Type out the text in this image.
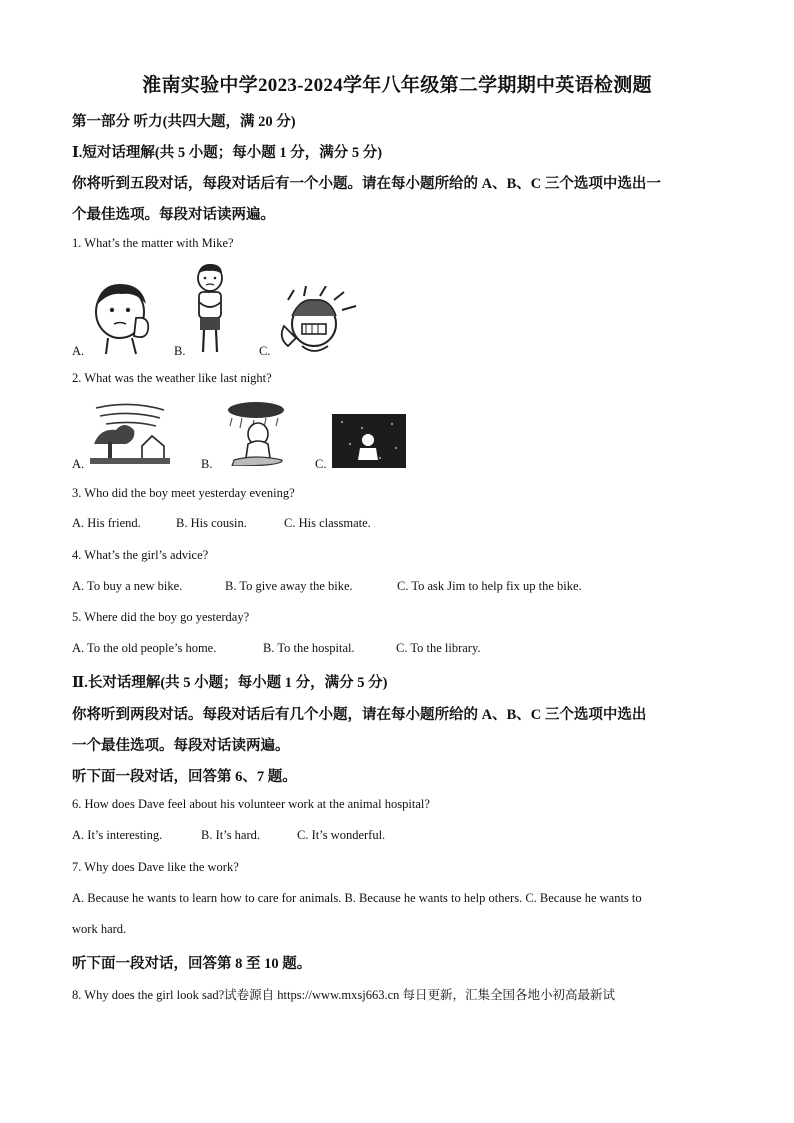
淮南实验中学2023-2024学年八年级第二学期期中英语检测题
第一部分 听力(共四大题，满 20 分)
Ⅰ.短对话理解(共 5 小题；每小题 1 分，满分 5 分)
你将听到五段对话，每段对话后有一个小题。请在每小题所给的 A、B、C 三个选项中选出一
个最佳选项。每段对话读两遍。
1. What’s the matter with Mike?
A.	B.	C.
2. What was the weather like last night?
A.	B.	C.
3. Who did the boy meet yesterday evening?
A. His friend.	B. His cousin.	C. His classmate.
4. What’s the girl’s advice?
A. To buy a new bike.	B. To give away the bike.	C. To ask Jim to help fix up the bike.
5. Where did the boy go yesterday?
A. To the old people’s home.	B. To the hospital.	C. To the library.
Ⅱ.长对话理解(共 5 小题；每小题 1 分，满分 5 分)
你将听到两段对话。每段对话后有几个小题，请在每小题所给的 A、B、C 三个选项中选出
一个最佳选项。每段对话读两遍。
听下面一段对话，回答第 6、7 题。
6. How does Dave feel about his volunteer work at the animal hospital?
A. It’s interesting.	B. It’s hard.	C. It’s wonderful.
7. Why does Dave like the work?
A. Because he wants to learn how to care for animals. B. Because he wants to help others. C. Because he wants to
work hard.
听下面一段对话，回答第 8 至 10 题。
8. Why does the girl look sad?试卷源自 https://www.mxsj663.cn 每日更新，汇集全国各地小初高最新试
